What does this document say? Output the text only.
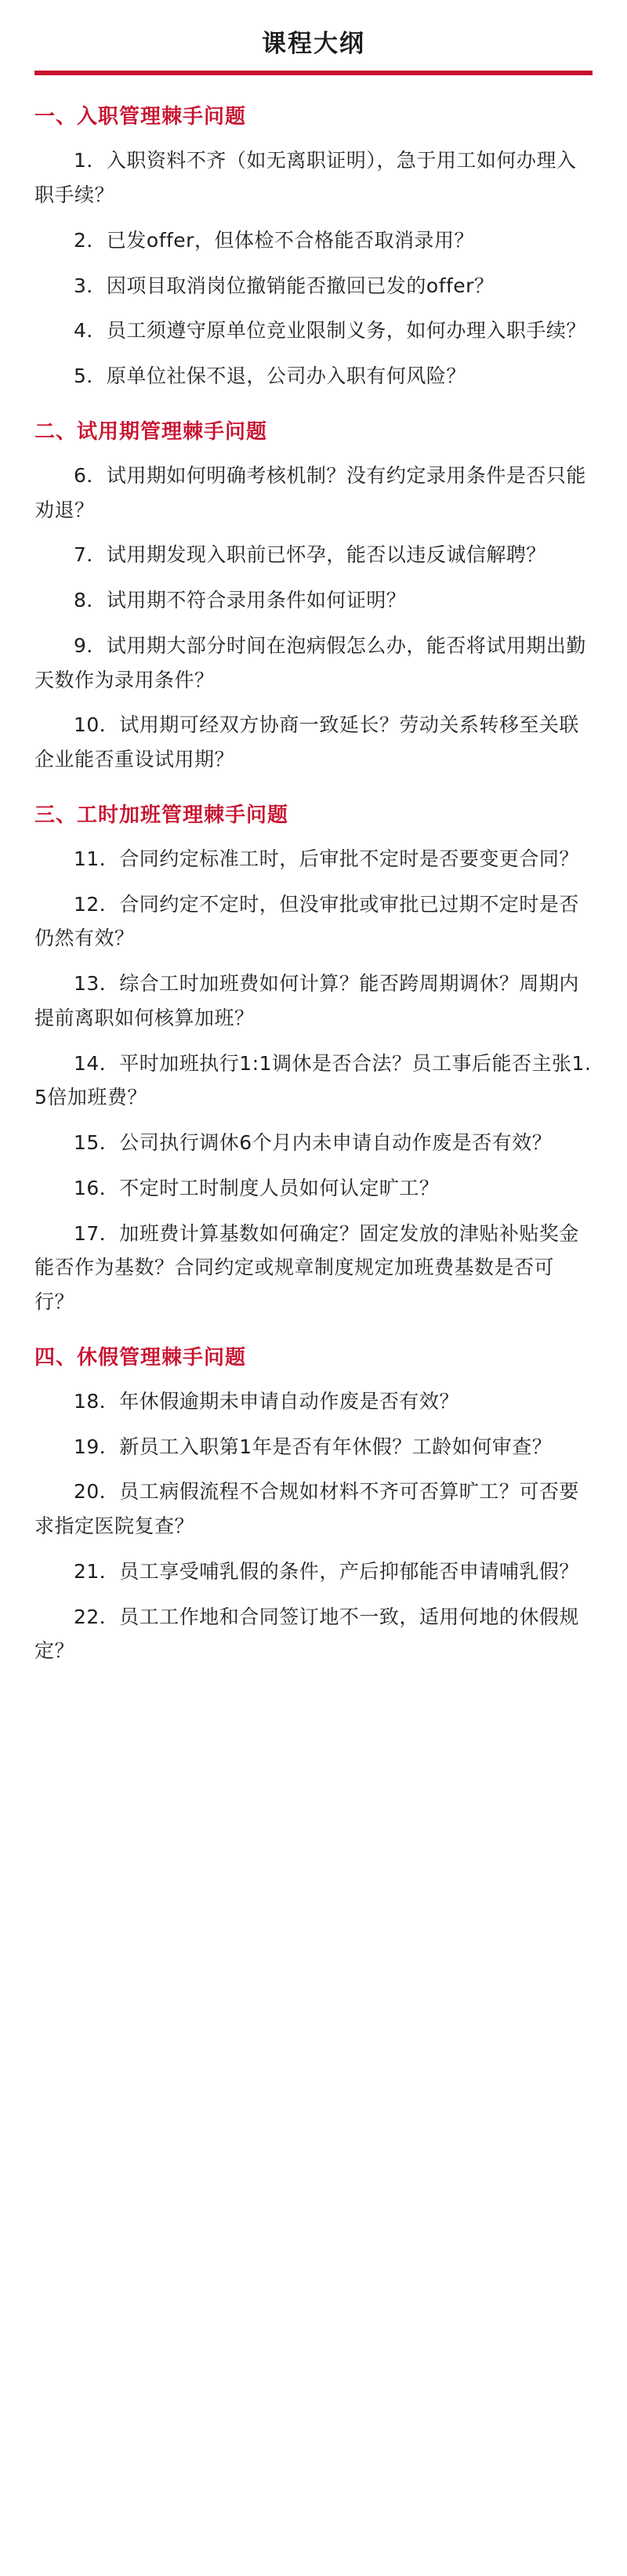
课程大纲
一、入职管理棘手问题

1．入职资料不齐（如无离职证明），急于用工如何办理入职手续？

2．已发offer，但体检不合格能否取消录用？

3．因项目取消岗位撤销能否撤回已发的offer？

4．员工须遵守原单位竞业限制义务，如何办理入职手续？

5．原单位社保不退，公司办入职有何风险？

二、试用期管理棘手问题

6．试用期如何明确考核机制？没有约定录用条件是否只能劝退？

7．试用期发现入职前已怀孕，能否以违反诚信解聘？

8．试用期不符合录用条件如何证明？

9．试用期大部分时间在泡病假怎么办，能否将试用期出勤天数作为录用条件？

10．试用期可经双方协商一致延长？劳动关系转移至关联企业能否重设试用期？

三、工时加班管理棘手问题

11．合同约定标准工时，后审批不定时是否要变更合同？

12．合同约定不定时，但没审批或审批已过期不定时是否仍然有效？

13．综合工时加班费如何计算？能否跨周期调休？周期内提前离职如何核算加班？

14．平时加班执行1:1调休是否合法？员工事后能否主张1.5倍加班费？

15．公司执行调休6个月内未申请自动作废是否有效？

16．不定时工时制度人员如何认定旷工？

17．加班费计算基数如何确定？固定发放的津贴补贴奖金能否作为基数？合同约定或规章制度规定加班费基数是否可行？

四、休假管理棘手问题

18．年休假逾期未申请自动作废是否有效？

19．新员工入职第1年是否有年休假？工龄如何审查？

20．员工病假流程不合规如材料不齐可否算旷工？可否要求指定医院复查？

21．员工享受哺乳假的条件，产后抑郁能否申请哺乳假？

22．员工工作地和合同签订地不一致，适用何地的休假规定？
